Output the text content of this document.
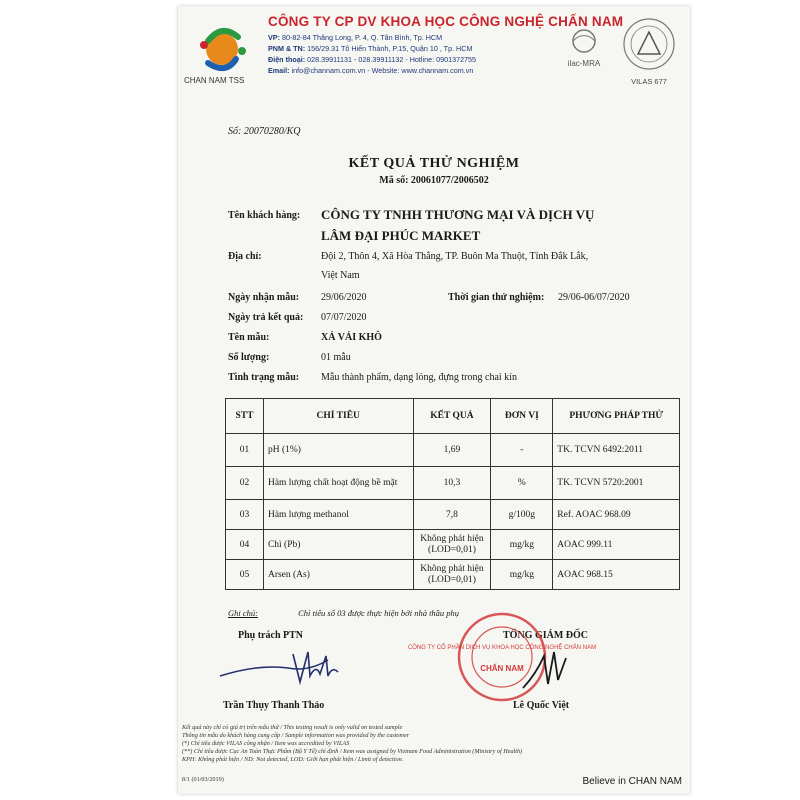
CHAN NAM TSS
CÔNG TY CP DV KHOA HỌC CÔNG NGHỆ CHẤN NAM
VP: 80-82-84 Thăng Long, P. 4, Q. Tân Bình, Tp. HCM
PNM & TN: 156/29.31 Tô Hiến Thành, P.15, Quận 10 , Tp. HCM
Điện thoại: 028.39911131 - 028.39911132 - Hotline: 0901372755
Email: info@channam.com.vn - Website: www.channam.com.vn
ilac-MRA
VILAS 677
Số: 20070280/KQ
KẾT QUẢ THỬ NGHIỆM
Mã số: 20061077/2006502
Tên khách hàng: CÔNG TY TNHH THƯƠNG MẠI VÀ DỊCH VỤ
LÂM ĐẠI PHÚC MARKET
Địa chỉ:	Đội 2, Thôn 4, Xã Hòa Thắng, TP. Buôn Ma Thuột, Tỉnh Đắk Lắk,
Việt Nam
Ngày nhận mẫu: 29/06/2020	Thời gian thử nghiệm: 29/06-06/07/2020
Ngày trả kết quả: 07/07/2020
Tên mẫu:	XẢ VẢI KHÔ
Số lượng:	01 mẫu
Tình trạng mẫu: Mẫu thành phẩm, dạng lỏng, đựng trong chai kín
STT	CHỈ TIÊU	KẾT QUẢ	ĐƠN VỊ	PHƯƠNG PHÁP THỬ
01	pH (1%)	1,69	-	TK. TCVN 6492:2011
02	Hàm lượng chất hoạt động bề mặt	10,3	%	TK. TCVN 5720:2001
03	Hàm lượng methanol	7,8	g/100g	Ref. AOAC 968.09
04	Chì (Pb)	Không phát hiện (LOD=0,01)	mg/kg	AOAC 999.11
05	Arsen (As)	Không phát hiện (LOD=0,01)	mg/kg	AOAC 968.15
Ghi chú:	Chỉ tiêu số 03 được thực hiện bởi nhà thầu phụ
Phụ trách PTN
Trần Thụy Thanh Thảo
TỔNG GIÁM ĐỐC
CÔNG TY CỔ PHẦN DỊCH VỤ KHOA HỌC CÔNG NGHỆ CHẤN NAM
CHẤN NAM
Lê Quốc Việt
Kết quả này chỉ có giá trị trên mẫu thử / This testing result is only valid on tested sample
Thông tin mẫu do khách hàng cung cấp / Sample information was provided by the customer
(*) Chỉ tiêu được VILAS công nhận / Item was accredited by VILAS
(**) Chỉ tiêu được Cục An Toàn Thực Phẩm (Bộ Y Tế) chỉ định / Item was assigned by Vietnam Food Administration (Ministry of Health)
KPH: Không phát hiện / ND: Not detected, LOD: Giới hạn phát hiện / Limit of detection.
8/1 (01/03/2019)	Believe in CHAN NAM
